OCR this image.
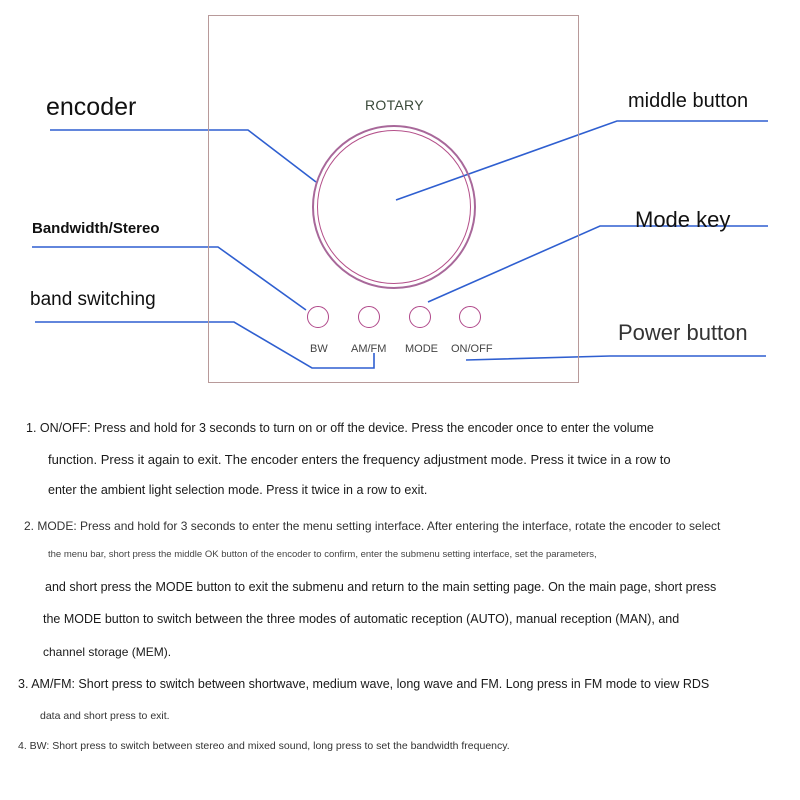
ROTARY
BW AM/FM MODE ON/OFF
encoder	middle button
Bandwidth/Stereo	Mode key
band switching
Power button
1. ON/OFF: Press and hold for 3 seconds to turn on or off the device. Press the encoder once to enter the volume
function. Press it again to exit. The encoder enters the frequency adjustment mode. Press it twice in a row to
enter the ambient light selection mode. Press it twice in a row to exit.
2. MODE: Press and hold for 3 seconds to enter the menu setting interface. After entering the interface, rotate the encoder to select
the menu bar, short press the middle OK button of the encoder to confirm, enter the submenu setting interface, set the parameters,
and short press the MODE button to exit the submenu and return to the main setting page. On the main page, short press
the MODE button to switch between the three modes of automatic reception (AUTO), manual reception (MAN), and
channel storage (MEM).
3. AM/FM: Short press to switch between shortwave, medium wave, long wave and FM. Long press in FM mode to view RDS
data and short press to exit.
4. BW: Short press to switch between stereo and mixed sound, long press to set the bandwidth frequency.
